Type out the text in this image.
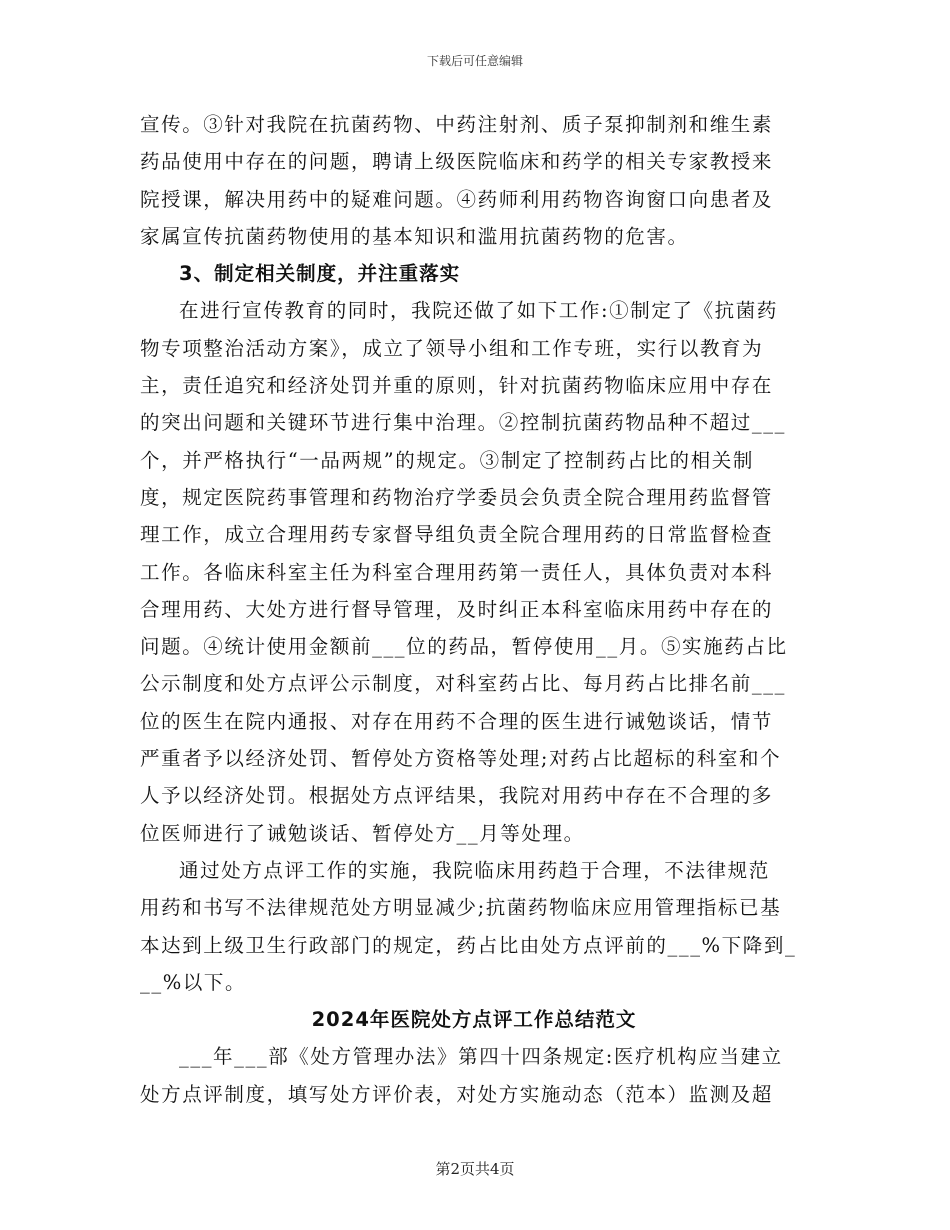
下载后可任意编辑
宣传。③针对我院在抗菌药物、中药注射剂、质子泵抑制剂和维生素
药品使用中存在的问题，聘请上级医院临床和药学的相关专家教授来
院授课，解决用药中的疑难问题。④药师利用药物咨询窗口向患者及
家属宣传抗菌药物使用的基本知识和滥用抗菌药物的危害。
3、制定相关制度，并注重落实
在进行宣传教育的同时，我院还做了如下工作:①制定了《抗菌药
物专项整治活动方案》，成立了领导小组和工作专班，实行以教育为
主，责任追究和经济处罚并重的原则，针对抗菌药物临床应用中存在
的突出问题和关键环节进行集中治理。②控制抗菌药物品种不超过___
个，并严格执行“一品两规”的规定。③制定了控制药占比的相关制
度，规定医院药事管理和药物治疗学委员会负责全院合理用药监督管
理工作，成立合理用药专家督导组负责全院合理用药的日常监督检查
工作。各临床科室主任为科室合理用药第一责任人，具体负责对本科
合理用药、大处方进行督导管理，及时纠正本科室临床用药中存在的
问题。④统计使用金额前___位的药品，暂停使用__月。⑤实施药占比
公示制度和处方点评公示制度，对科室药占比、每月药占比排名前___
位的医生在院内通报、对存在用药不合理的医生进行诫勉谈话，情节
严重者予以经济处罚、暂停处方资格等处理;对药占比超标的科室和个
人予以经济处罚。根据处方点评结果，我院对用药中存在不合理的多
位医师进行了诫勉谈话、暂停处方__月等处理。
通过处方点评工作的实施，我院临床用药趋于合理，不法律规范
用药和书写不法律规范处方明显减少;抗菌药物临床应用管理指标已基
本达到上级卫生行政部门的规定，药占比由处方点评前的___%下降到_
__%以下。
2024年医院处方点评工作总结范文
___年___部《处方管理办法》第四十四条规定:医疗机构应当建立
处方点评制度，填写处方评价表，对处方实施动态（范本）监测及超
第2页共4页
